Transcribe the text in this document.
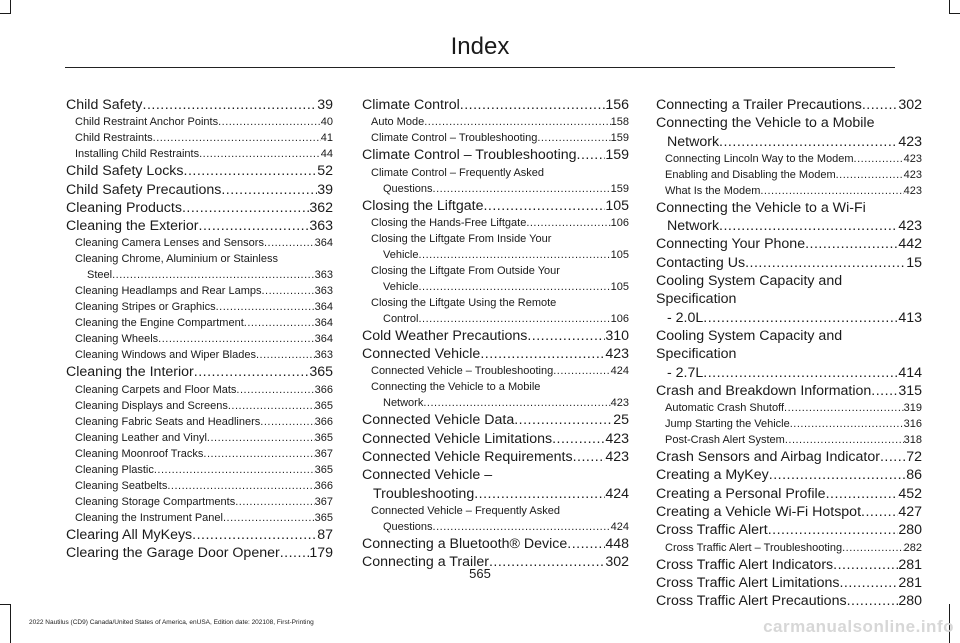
Index
Child Safety .....	39
Child Restraint Anchor Points .....	40
Child Restraints .....	41
Installing Child Restraints .....	44
Child Safety Locks .....	52
Child Safety Precautions .....	39
Cleaning Products .....	362
Cleaning the Exterior .....	363
Cleaning Camera Lenses and Sensors .....	364
Cleaning Chrome, Aluminium or Stainless
Steel .....	363
Cleaning Headlamps and Rear Lamps .....	363
Cleaning Stripes or Graphics .....	364
Cleaning the Engine Compartment .....	364
Cleaning Wheels .....	364
Cleaning Windows and Wiper Blades .....	363
Cleaning the Interior .....	365
Cleaning Carpets and Floor Mats .....	366
Cleaning Displays and Screens .....	365
Cleaning Fabric Seats and Headliners .....	366
Cleaning Leather and Vinyl .....	365
Cleaning Moonroof Tracks .....	367
Cleaning Plastic .....	365
Cleaning Seatbelts .....	366
Cleaning Storage Compartments .....	367
Cleaning the Instrument Panel .....	365
Clearing All MyKeys .....	87
Clearing the Garage Door Opener ..... 179
Climate Control .....	156
Auto Mode .....	158
Climate Control – Troubleshooting .....	159
Climate Control – Troubleshooting ..... 159
Climate Control – Frequently Asked
Questions .....	159
Closing the Liftgate .....	105
Closing the Hands-Free Liftgate .....	106
Closing the Liftgate From Inside Your
Vehicle .....	105
Closing the Liftgate From Outside Your
Vehicle .....	105
Closing the Liftgate Using the Remote
Control .....	106
Cold Weather Precautions .....	310
Connected Vehicle .....	423
Connected Vehicle – Troubleshooting .....	424
Connecting the Vehicle to a Mobile
Network .....	423
Connected Vehicle Data .....	25
Connected Vehicle Limitations .....	423
Connected Vehicle Requirements ..... 423
Connected Vehicle –
Troubleshooting .....	424
Connected Vehicle – Frequently Asked
Questions .....	424
Connecting a Bluetooth® Device .....	448
Connecting a Trailer .....	302
Connecting a Trailer Precautions .....	302
Connecting the Vehicle to a Mobile
Network .....	423
Connecting Lincoln Way to the Modem .....	423
Enabling and Disabling the Modem .....	423
What Is the Modem .....	423
Connecting the Vehicle to a Wi-Fi
Network .....	423
Connecting Your Phone .....	442
Contacting Us .....	15
Cooling System Capacity and Specification
- 2.0L .....	413
Cooling System Capacity and Specification
- 2.7L .....	414
Crash and Breakdown Information ..... 315
Automatic Crash Shutoff .....	319
Jump Starting the Vehicle .....	316
Post-Crash Alert System .....	318
Crash Sensors and Airbag Indicator ..... 72
Creating a MyKey .....	86
Creating a Personal Profile .....	452
Creating a Vehicle Wi-Fi Hotspot .....	427
Cross Traffic Alert .....	280
Cross Traffic Alert – Troubleshooting .....	282
Cross Traffic Alert Indicators .....	281
Cross Traffic Alert Limitations .....	281
Cross Traffic Alert Precautions .....	280
565
2022 Nautilus (CD9) Canada/United States of America, enUSA, Edition date: 202108, First-Printing	carmanualsonline.info
